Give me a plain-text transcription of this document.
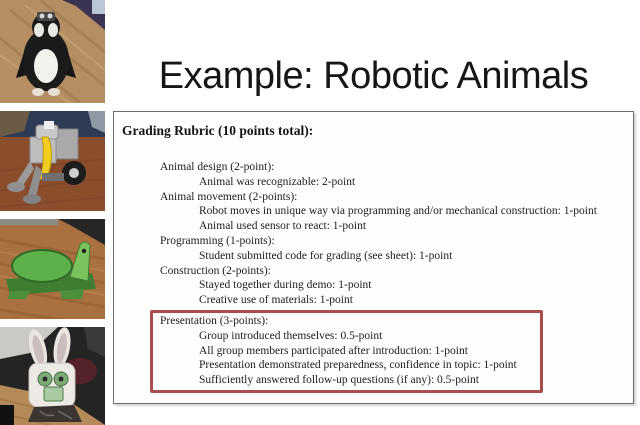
Example: Robotic Animals
Grading Rubric (10 points total):
Animal design (2-point):
Animal was recognizable: 2-point
Animal movement (2-points):
Robot moves in unique way via programming and/or mechanical construction: 1-point
Animal used sensor to react: 1-point
Programming (1-points):
Student submitted code for grading (see sheet): 1-point
Construction (2-points):
Stayed together during demo: 1-point
Creative use of materials: 1-point
Presentation (3-points):
Group introduced themselves: 0.5-point
All group members participated after introduction: 1-point
Presentation demonstrated preparedness, confidence in topic: 1-point
Sufficiently answered follow-up questions (if any): 0.5-point
